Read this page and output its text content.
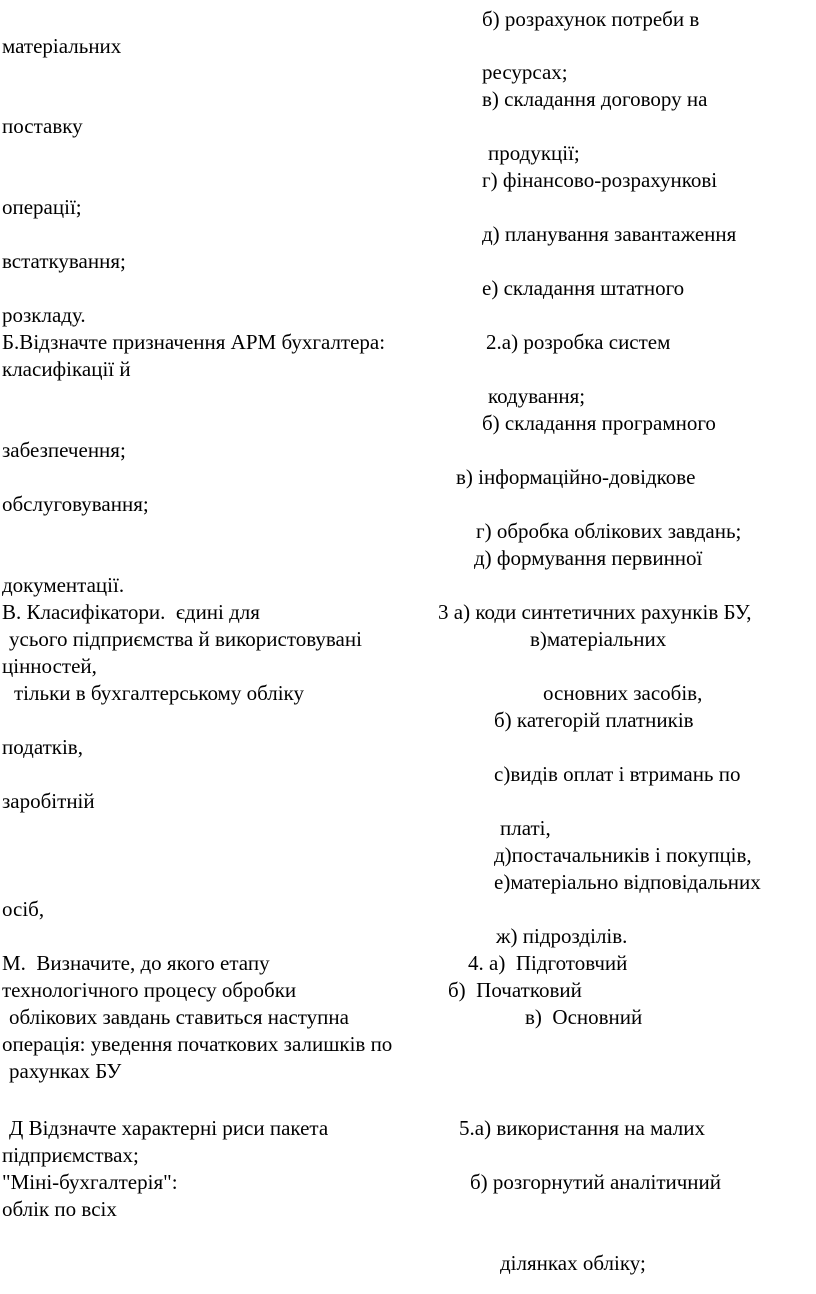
б) розрахунок потреби в

матеріальних

ресурсах;

в) складання договору на

поставку

продукції;

г) фінансово-розрахункові

операції;

д) планування завантаження

встаткування;

е) складання штатного

розкладу.

Б.Відзначте призначення АРМ бухгалтера:	2.а) розробка систем

класифікації й

кодування;

б) складання програмного

забезпечення;

в) інформаційно-довідкове

обслуговування;

г) обробка облікових завдань;

д) формування первинної

документації.

В. Класифікатори.  єдині для	3 а) коди синтетичних рахунків БУ,

усього підприємства й використовувані	в)матеріальних

цінностей,

тільки в бухгалтерському обліку	основних засобів,

б) категорій платників

податків,

с)видів оплат і втримань по

заробітній

платі,

д)постачальників і покупців,

е)матеріально відповідальних

осіб,

ж) підрозділів.

М.  Визначите, до якого етапу	4. а)  Підготовчий

технологічного процесу обробки	б)  Початковий

облікових завдань ставиться наступна	в)  Основний

операція: уведення початкових залишків по

рахунках БУ

Д Відзначте характерні риси пакета	5.а) використання на малих

підприємствах;

"Міні-бухгалтерія":	б) розгорнутий аналітичний

облік по всіх

ділянках обліку;
